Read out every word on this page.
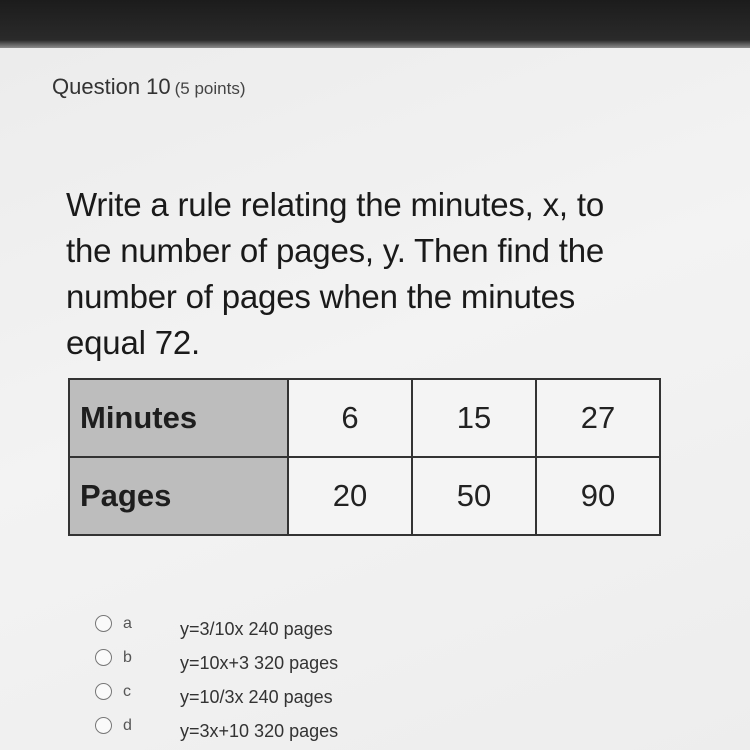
Question 10 (5 points)
Write a rule relating the minutes, x, to
the number of pages, y. Then find the
number of pages when the minutes
equal 72.
Minutes	6	15	27
Pages	20	50	90
a	y=3/10x 240 pages
b	y=10x+3 320 pages
c	y=10/3x 240 pages
d	y=3x+10 320 pages
